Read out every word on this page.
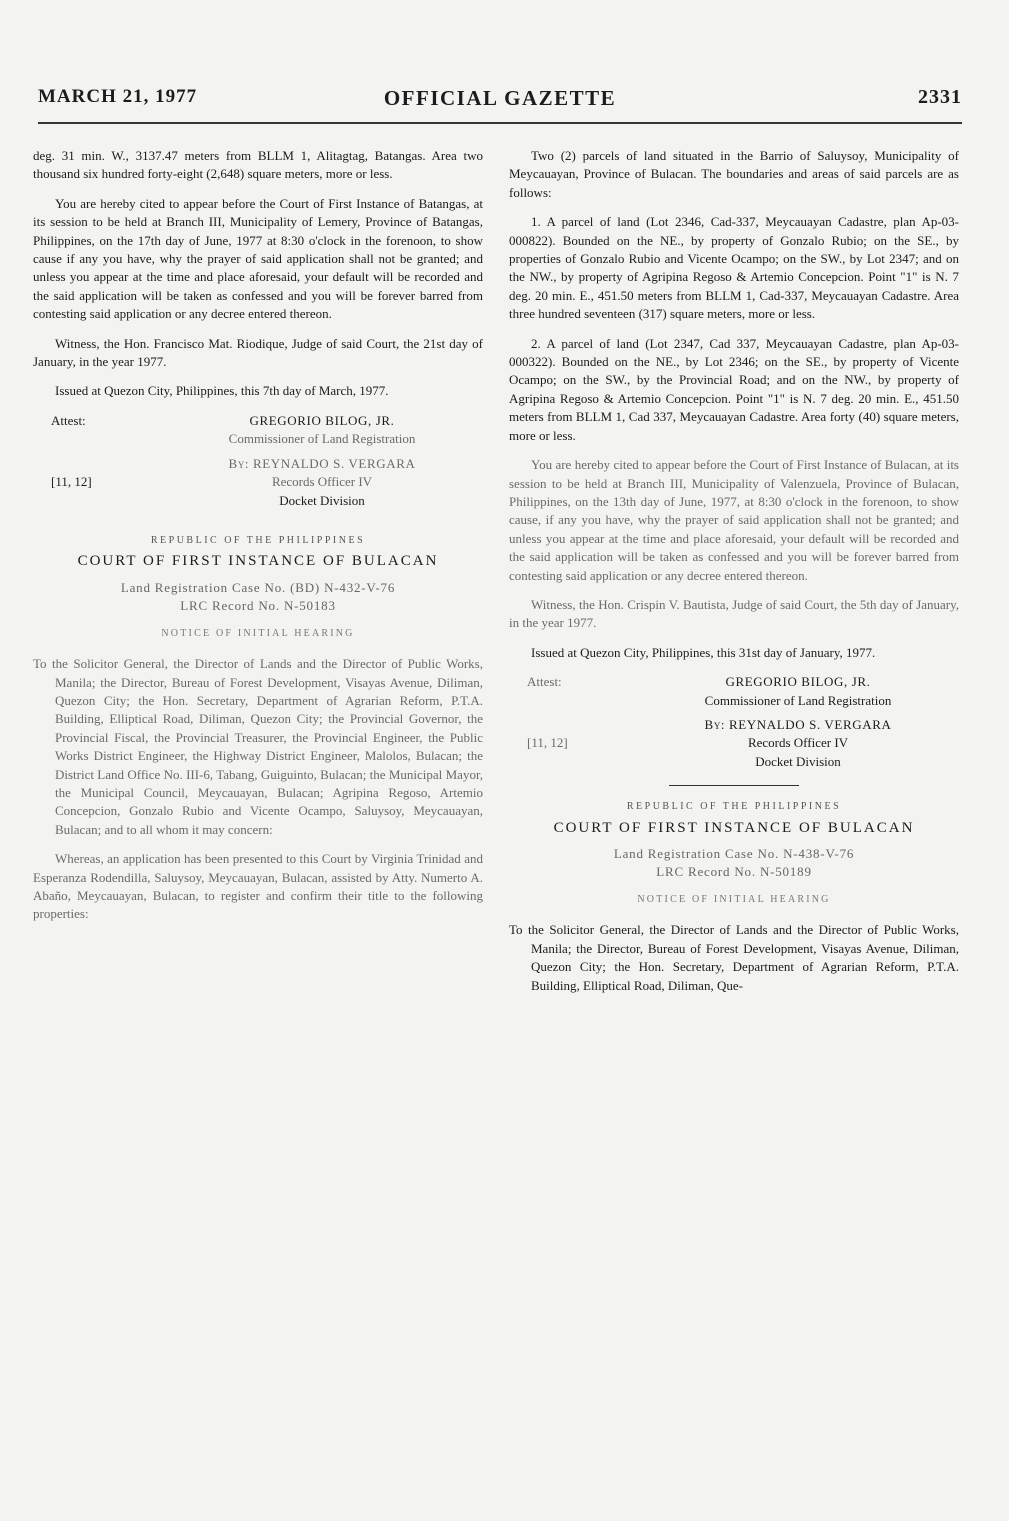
MARCH 21, 1977	OFFICIAL GAZETTE	2331

deg. 31 min. W., 3137.47 meters from BLLM 1, Alitagtag, Batangas. Area two thousand six hundred forty-eight (2,648) square meters, more or less.

You are hereby cited to appear before the Court of First Instance of Batangas, at its session to be held at Branch III, Municipality of Lemery, Province of Batangas, Philippines, on the 17th day of June, 1977 at 8:30 o'clock in the forenoon, to show cause if any you have, why the prayer of said application shall not be granted; and unless you appear at the time and place aforesaid, your default will be recorded and the said application will be taken as confessed and you will be forever barred from contesting said application or any decree entered thereon.

Witness, the Hon. Francisco Mat. Riodique, Judge of said Court, the 21st day of January, in the year 1977.

Issued at Quezon City, Philippines, this 7th day of March, 1977.

Attest:	GREGORIO BILOG, JR.
Commissioner of Land Registration
[11, 12]
By: REYNALDO S. VERGARA
Records Officer IV
Docket Division
REPUBLIC OF THE PHILIPPINES
COURT OF FIRST INSTANCE OF BULACAN
Land Registration Case No. (BD) N-432-V-76
LRC Record No. N-50183
NOTICE OF INITIAL HEARING

To the Solicitor General, the Director of Lands and the Director of Public Works, Manila; the Director, Bureau of Forest Development, Visayas Avenue, Diliman, Quezon City; the Hon. Secretary, Department of Agrarian Reform, P.T.A. Building, Elliptical Road, Diliman, Quezon City; the Provincial Governor, the Provincial Fiscal, the Provincial Treasurer, the Provincial Engineer, the Public Works District Engineer, the Highway District Engineer, Malolos, Bulacan; the District Land Office No. III-6, Tabang, Guiguinto, Bulacan; the Municipal Mayor, the Municipal Council, Meycauayan, Bulacan; Agripina Regoso, Artemio Concepcion, Gonzalo Rubio and Vicente Ocampo, Saluysoy, Meycauayan, Bulacan; and to all whom it may concern:

Whereas, an application has been presented to this Court by Virginia Trinidad and Esperanza Rodendilla, Saluysoy, Meycauayan, Bulacan, assisted by Atty. Numerto A. Abaño, Meycauayan, Bulacan, to register and confirm their title to the following properties:

Two (2) parcels of land situated in the Barrio of Saluysoy, Municipality of Meycauayan, Province of Bulacan. The boundaries and areas of said parcels are as follows:

1. A parcel of land (Lot 2346, Cad-337, Meycauayan Cadastre, plan Ap-03-000822). Bounded on the NE., by property of Gonzalo Rubio; on the SE., by properties of Gonzalo Rubio and Vicente Ocampo; on the SW., by Lot 2347; and on the NW., by property of Agripina Regoso & Artemio Concepcion. Point "1" is N. 7 deg. 20 min. E., 451.50 meters from BLLM 1, Cad-337, Meycauayan Cadastre. Area three hundred seventeen (317) square meters, more or less.

2. A parcel of land (Lot 2347, Cad 337, Meycauayan Cadastre, plan Ap-03-000322). Bounded on the NE., by Lot 2346; on the SE., by property of Vicente Ocampo; on the SW., by the Provincial Road; and on the NW., by property of Agripina Regoso & Artemio Concepcion. Point "1" is N. 7 deg. 20 min. E., 451.50 meters from BLLM 1, Cad 337, Meycauayan Cadastre. Area forty (40) square meters, more or less.

You are hereby cited to appear before the Court of First Instance of Bulacan, at its session to be held at Branch III, Municipality of Valenzuela, Province of Bulacan, Philippines, on the 13th day of June, 1977, at 8:30 o'clock in the forenoon, to show cause, if any you have, why the prayer of said application shall not be granted; and unless you appear at the time and place aforesaid, your default will be recorded and the said application will be taken as confessed and you will be forever barred from contesting said application or any decree entered thereon.

Witness, the Hon. Crispin V. Bautista, Judge of said Court, the 5th day of January, in the year 1977.

Issued at Quezon City, Philippines, this 31st day of January, 1977.

Attest:	GREGORIO BILOG, JR.
Commissioner of Land Registration
[11, 12]
By: REYNALDO S. VERGARA
Records Officer IV
Docket Division
REPUBLIC OF THE PHILIPPINES
COURT OF FIRST INSTANCE OF BULACAN
Land Registration Case No. N-438-V-76
LRC Record No. N-50189
NOTICE OF INITIAL HEARING

To the Solicitor General, the Director of Lands and the Director of Public Works, Manila; the Director, Bureau of Forest Development, Visayas Avenue, Diliman, Quezon City; the Hon. Secretary, Department of Agrarian Reform, P.T.A. Building, Elliptical Road, Diliman, Que-
